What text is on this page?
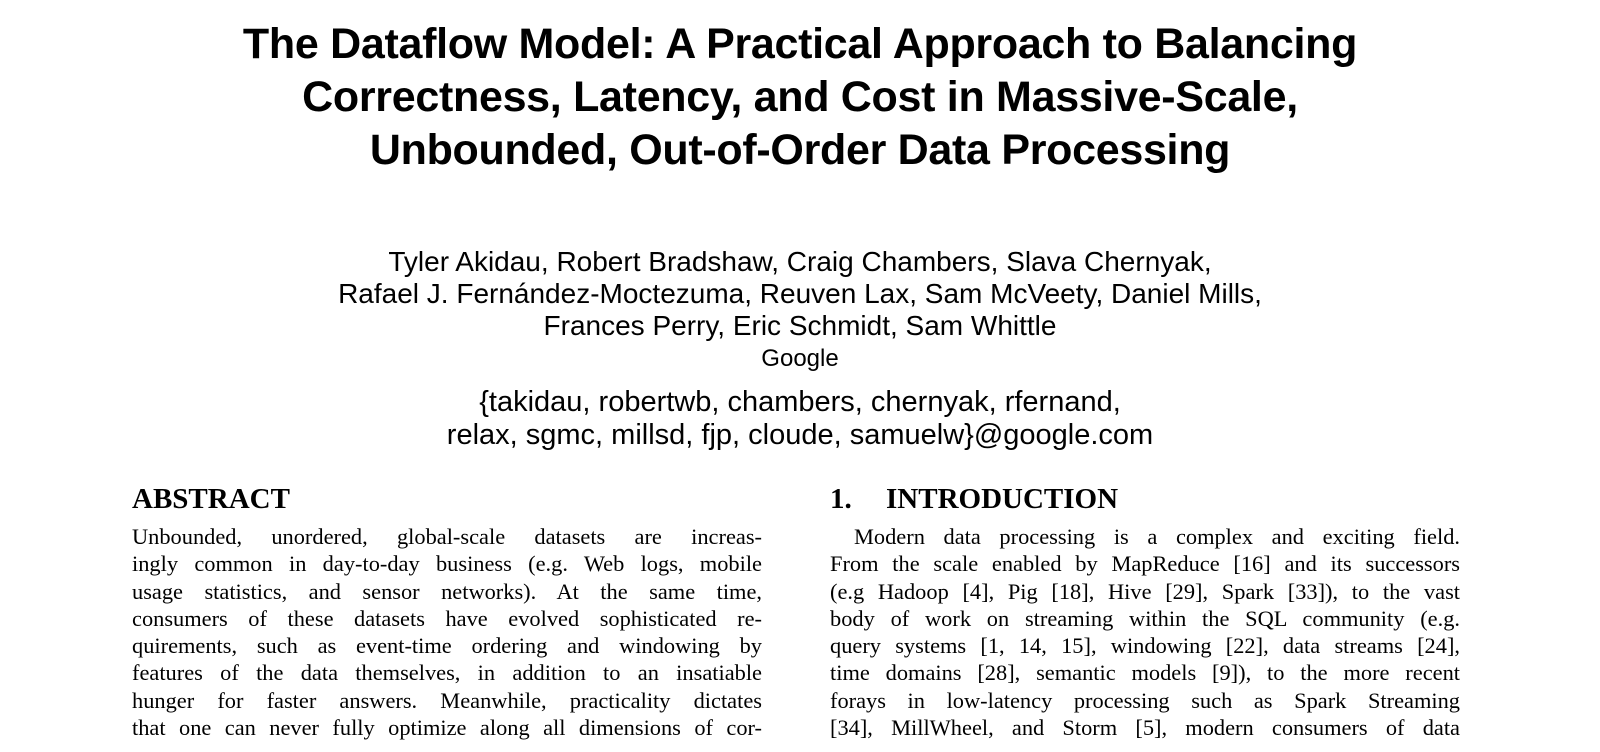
The Dataflow Model: A Practical Approach to Balancing
Correctness, Latency, and Cost in Massive-Scale,
Unbounded, Out-of-Order Data Processing
Tyler Akidau, Robert Bradshaw, Craig Chambers, Slava Chernyak,
Rafael J. Fernández-Moctezuma, Reuven Lax, Sam McVeety, Daniel Mills,
Frances Perry, Eric Schmidt, Sam Whittle
Google
{takidau, robertwb, chambers, chernyak, rfernand,
relax, sgmc, millsd, fjp, cloude, samuelw}@google.com
ABSTRACT
Unbounded, unordered, global-scale datasets are increas-
ingly common in day-to-day business (e.g. Web logs, mobile
usage statistics, and sensor networks). At the same time,
consumers of these datasets have evolved sophisticated re-
quirements, such as event-time ordering and windowing by
features of the data themselves, in addition to an insatiable
hunger for faster answers. Meanwhile, practicality dictates
that one can never fully optimize along all dimensions of cor-
1. INTRODUCTION
Modern data processing is a complex and exciting field.
From the scale enabled by MapReduce [16] and its successors
(e.g Hadoop [4], Pig [18], Hive [29], Spark [33]), to the vast
body of work on streaming within the SQL community (e.g.
query systems [1, 14, 15], windowing [22], data streams [24],
time domains [28], semantic models [9]), to the more recent
forays in low-latency processing such as Spark Streaming
[34], MillWheel, and Storm [5], modern consumers of data
